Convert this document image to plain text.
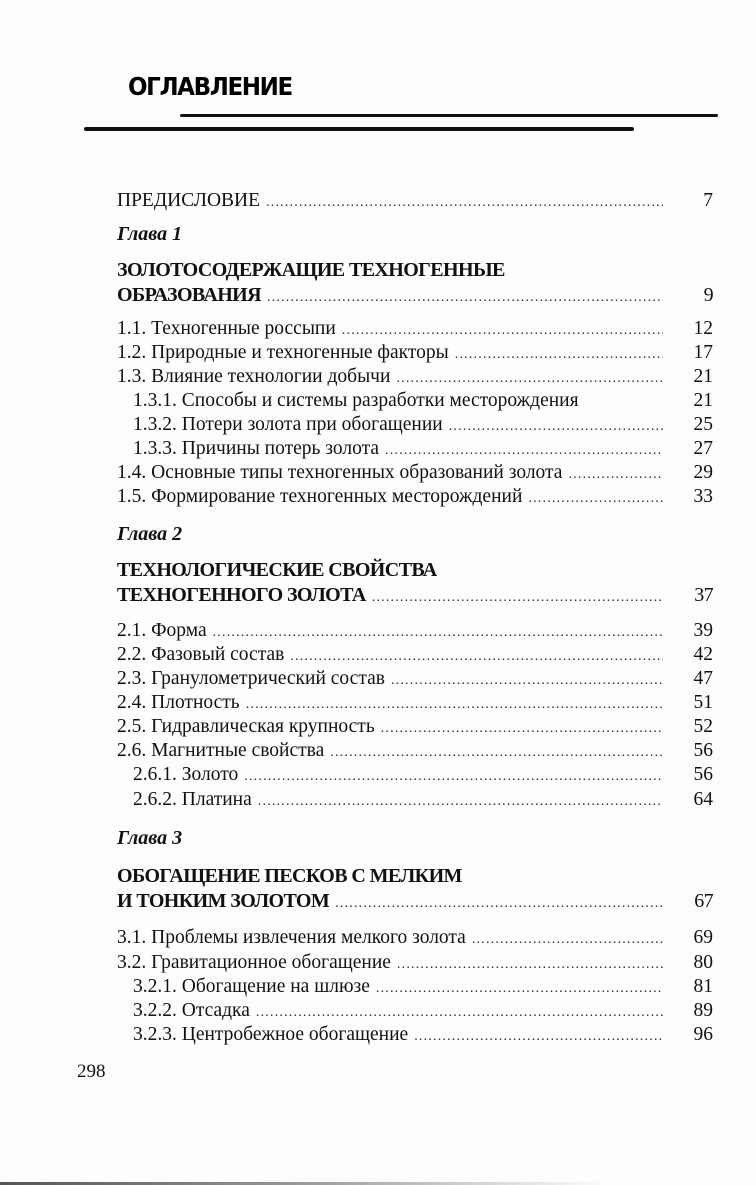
ОГЛАВЛЕНИЕ
ПРЕДИСЛОВИЕ .....	7
Глава 1
ЗОЛОТОСОДЕРЖАЩИЕ ТЕХНОГЕННЫЕ
ОБРАЗОВАНИЯ .....	9
1.1. Техногенные россыпи .....	12
1.2. Природные и техногенные факторы .....	17
1.3. Влияние технологии добычи .....	21
1.3.1. Способы и системы разработки месторождения	21
1.3.2. Потери золота при обогащении .....	25
1.3.3. Причины потерь золота .....	27
1.4. Основные типы техногенных образований золота .....	29
1.5. Формирование техногенных месторождений .....	33
Глава 2
ТЕХНОЛОГИЧЕСКИЕ СВОЙСТВА
ТЕХНОГЕННОГО ЗОЛОТА .....	37
2.1. Форма .....	39
2.2. Фазовый состав .....	42
2.3. Гранулометрический состав .....	47
2.4. Плотность .....	51
2.5. Гидравлическая крупность .....	52
2.6. Магнитные свойства .....	56
2.6.1. Золото .....	56
2.6.2. Платина .....	64
Глава 3
ОБОГАЩЕНИЕ ПЕСКОВ С МЕЛКИМ
И ТОНКИМ ЗОЛОТОМ .....	67
3.1. Проблемы извлечения мелкого золота .....	69
3.2. Гравитационное обогащение .....	80
3.2.1. Обогащение на шлюзе .....	81
3.2.2. Отсадка .....	89
3.2.3. Центробежное обогащение .....	96
298
